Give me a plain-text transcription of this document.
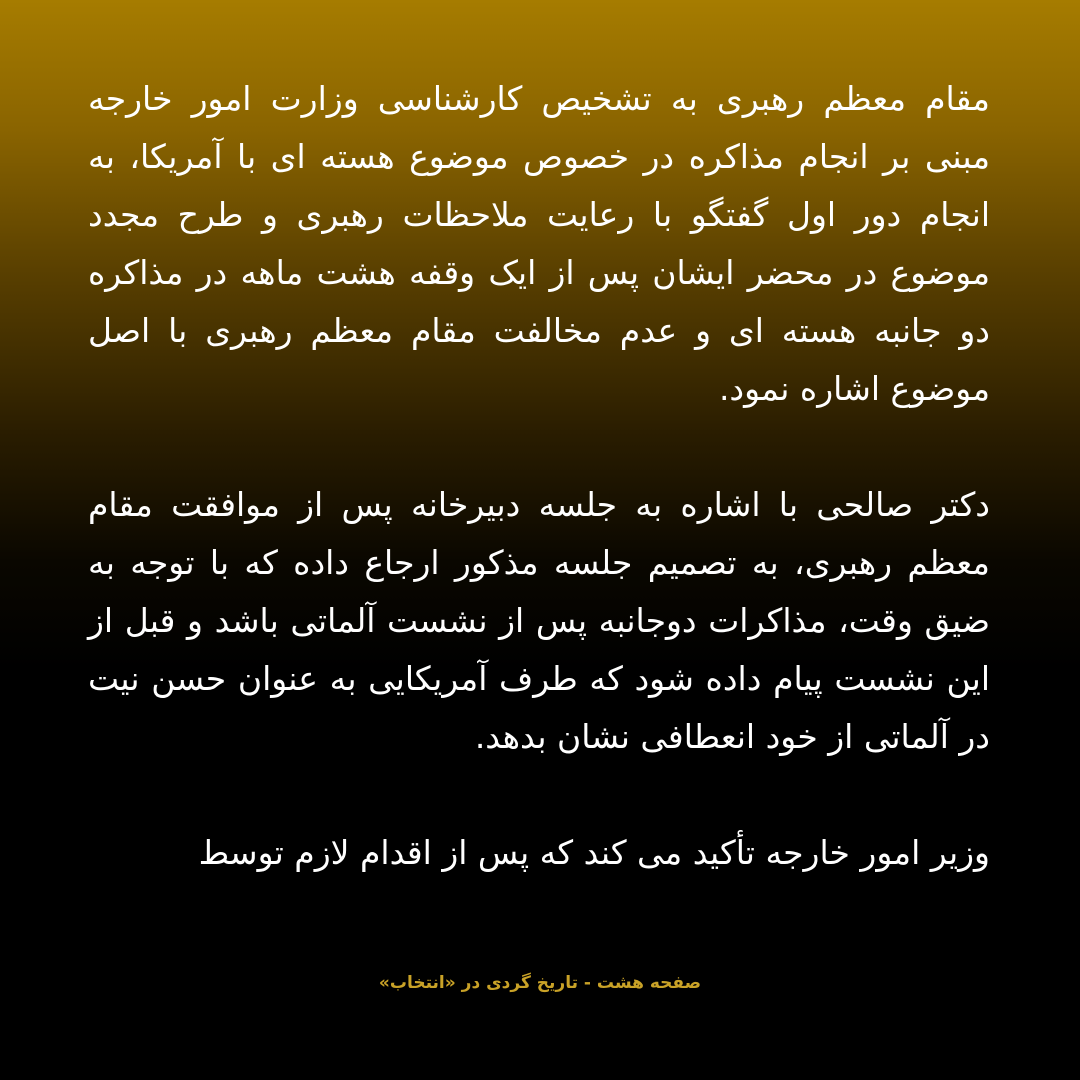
مقام معظم رهبری به تشخیص کارشناسی وزارت امور خارجه مبنی بر انجام مذاکره در خصوص موضوع هسته ای با آمریکا، به انجام دور اول گفتگو با رعایت ملاحظات رهبری و طرح مجدد موضوع در محضر ایشان پس از ایک وقفه هشت ماهه در مذاکره دو جانبه هسته ای و عدم مخالفت مقام معظم رهبری با اصل موضوع اشاره نمود.

دکتر صالحی با اشاره به جلسه دبیرخانه پس از موافقت مقام معظم رهبری، به تصمیم جلسه مذکور ارجاع داده که با توجه به ضیق وقت، مذاکرات دوجانبه پس از نشست آلماتی باشد و قبل از این نشست پیام داده شود که طرف آمریکایی به عنوان حسن نیت در آلماتی از خود انعطافی نشان بدهد.

وزیر امور خارجه تأکید می کند که پس از اقدام لازم توسط

صفحه هشت - تاریخ گردی در «انتخاب»
